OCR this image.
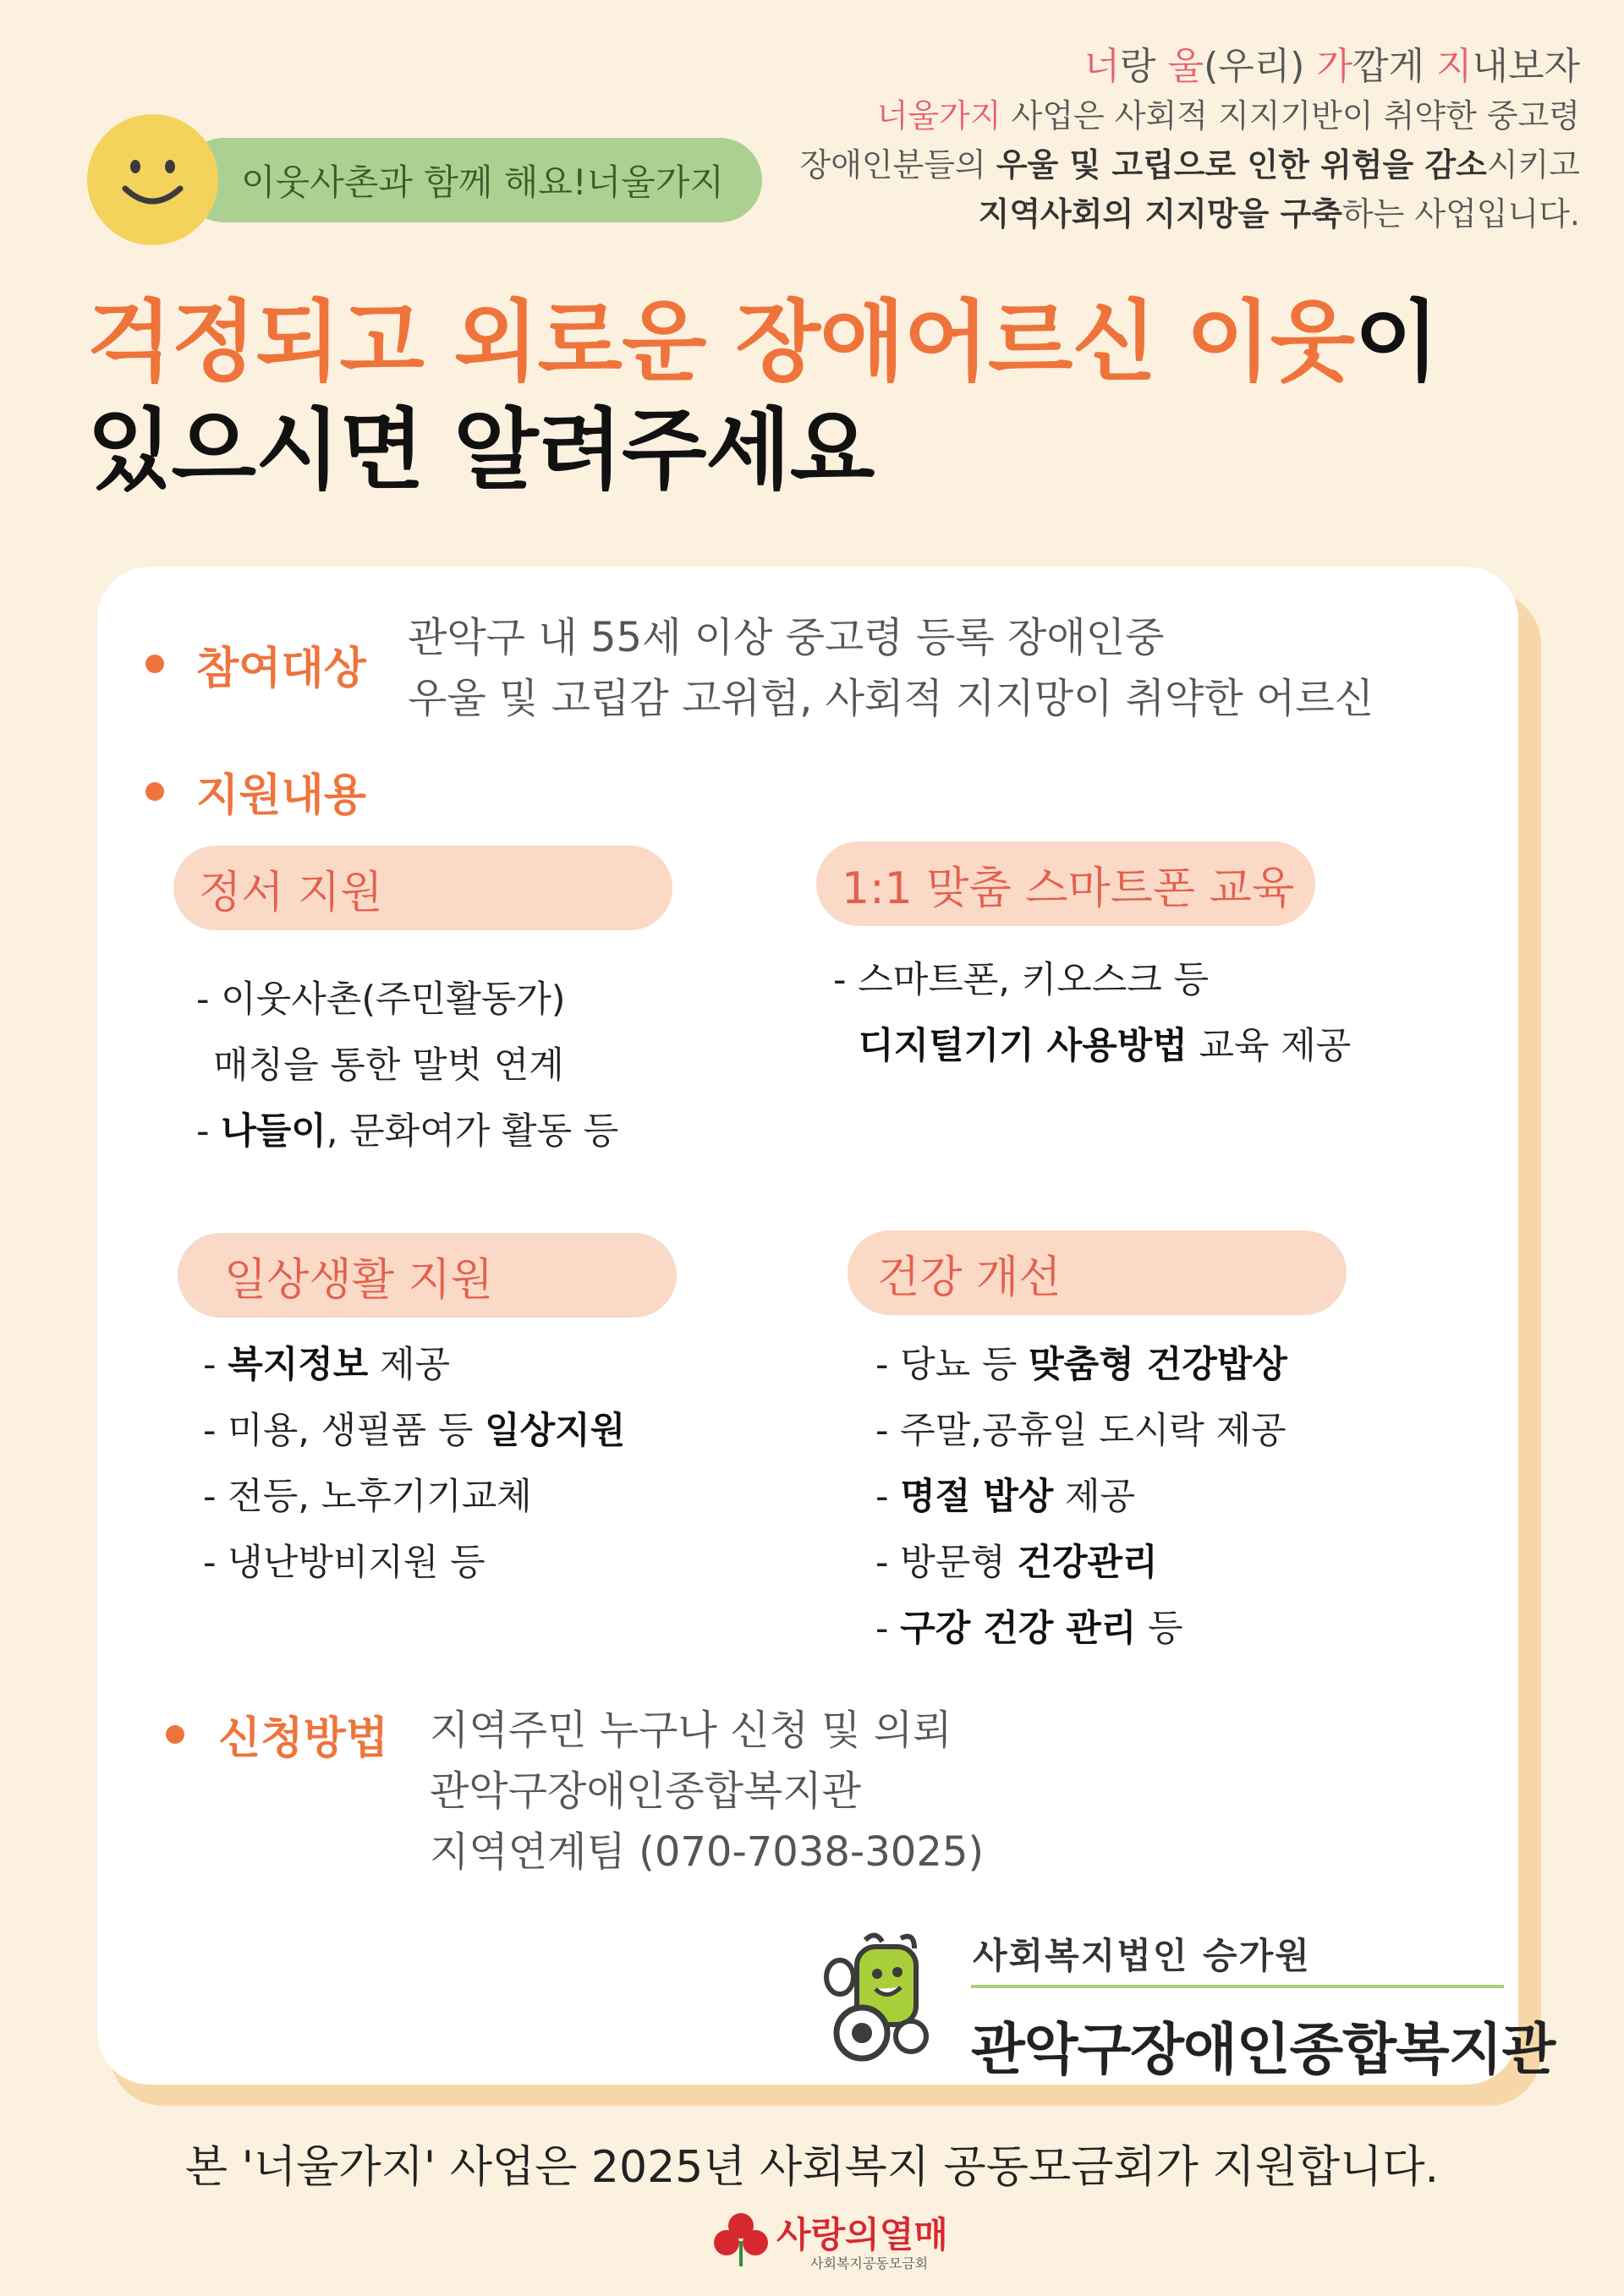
이웃사촌과 함께 해요!너울가지
너랑 울(우리) 가깝게 지내보자
너울가지 사업은 사회적 지지기반이 취약한 중고령
장애인분들의 우울 및 고립으로 인한 위험을 감소시키고
지역사회의 지지망을 구축하는 사업입니다.
걱정되고 외로운 장애어르신 이웃이
있으시면 알려주세요
참여대상
관악구 내 55세 이상 중고령 등록 장애인중
우울 및 고립감 고위험, 사회적 지지망이 취약한 어르신
지원내용
정서 지원
- 이웃사촌(주민활동가)
매칭을 통한 말벗 연계
- 나들이, 문화여가 활동 등
1:1 맞춤 스마트폰 교육
- 스마트폰, 키오스크 등
디지털기기 사용방법 교육 제공
일상생활 지원
- 복지정보 제공
- 미용, 생필품 등 일상지원
- 전등, 노후기기교체
- 냉난방비지원 등
건강 개선
- 당뇨 등 맞춤형 건강밥상
- 주말,공휴일 도시락 제공
- 명절 밥상 제공
- 방문형 건강관리
- 구강 건강 관리 등
신청방법 지역주민 누구나 신청 및 의뢰
관악구장애인종합복지관
지역연계팀 (070-7038-3025)
사회복지법인 승가원
관악구장애인종합복지관
본 '너울가지' 사업은 2025년 사회복지 공동모금회가 지원합니다.
사랑의열매
사회복지공동모금회
